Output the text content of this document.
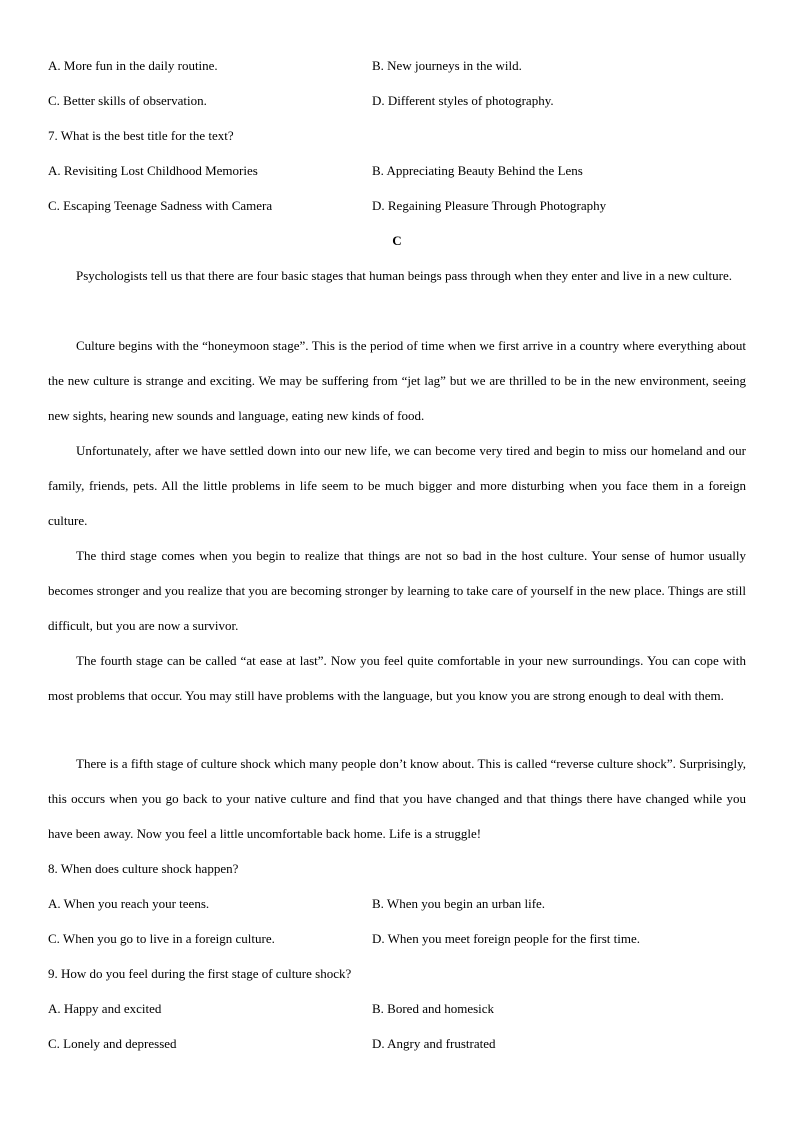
A. More fun in the daily routine.	B. New journeys in the wild.
C. Better skills of observation.	D. Different styles of photography.
7. What is the best title for the text?
A. Revisiting Lost Childhood Memories	B. Appreciating Beauty Behind the Lens
C. Escaping Teenage Sadness with Camera	D. Regaining Pleasure Through Photography
C

Psychologists tell us that there are four basic stages that human beings pass through when they enter and live in a new culture.

Culture begins with the “honeymoon stage”. This is the period of time when we first arrive in a country where everything about the new culture is strange and exciting. We may be suffering from “jet lag” but we are thrilled to be in the new environment, seeing new sights, hearing new sounds and language, eating new kinds of food.

Unfortunately, after we have settled down into our new life, we can become very tired and begin to miss our homeland and our family, friends, pets. All the little problems in life seem to be much bigger and more disturbing when you face them in a foreign culture.

The third stage comes when you begin to realize that things are not so bad in the host culture. Your sense of humor usually becomes stronger and you realize that you are becoming stronger by learning to take care of yourself in the new place. Things are still difficult, but you are now a survivor.

The fourth stage can be called “at ease at last”. Now you feel quite comfortable in your new surroundings. You can cope with most problems that occur. You may still have problems with the language, but you know you are strong enough to deal with them.

There is a fifth stage of culture shock which many people don’t know about. This is called “reverse culture shock”. Surprisingly, this occurs when you go back to your native culture and find that you have changed and that things there have changed while you have been away. Now you feel a little uncomfortable back home. Life is a struggle!

8. When does culture shock happen?
A. When you reach your teens.	B. When you begin an urban life.
C. When you go to live in a foreign culture.	D. When you meet foreign people for the first time.
9. How do you feel during the first stage of culture shock?
A. Happy and excited	B. Bored and homesick
C. Lonely and depressed	D. Angry and frustrated
